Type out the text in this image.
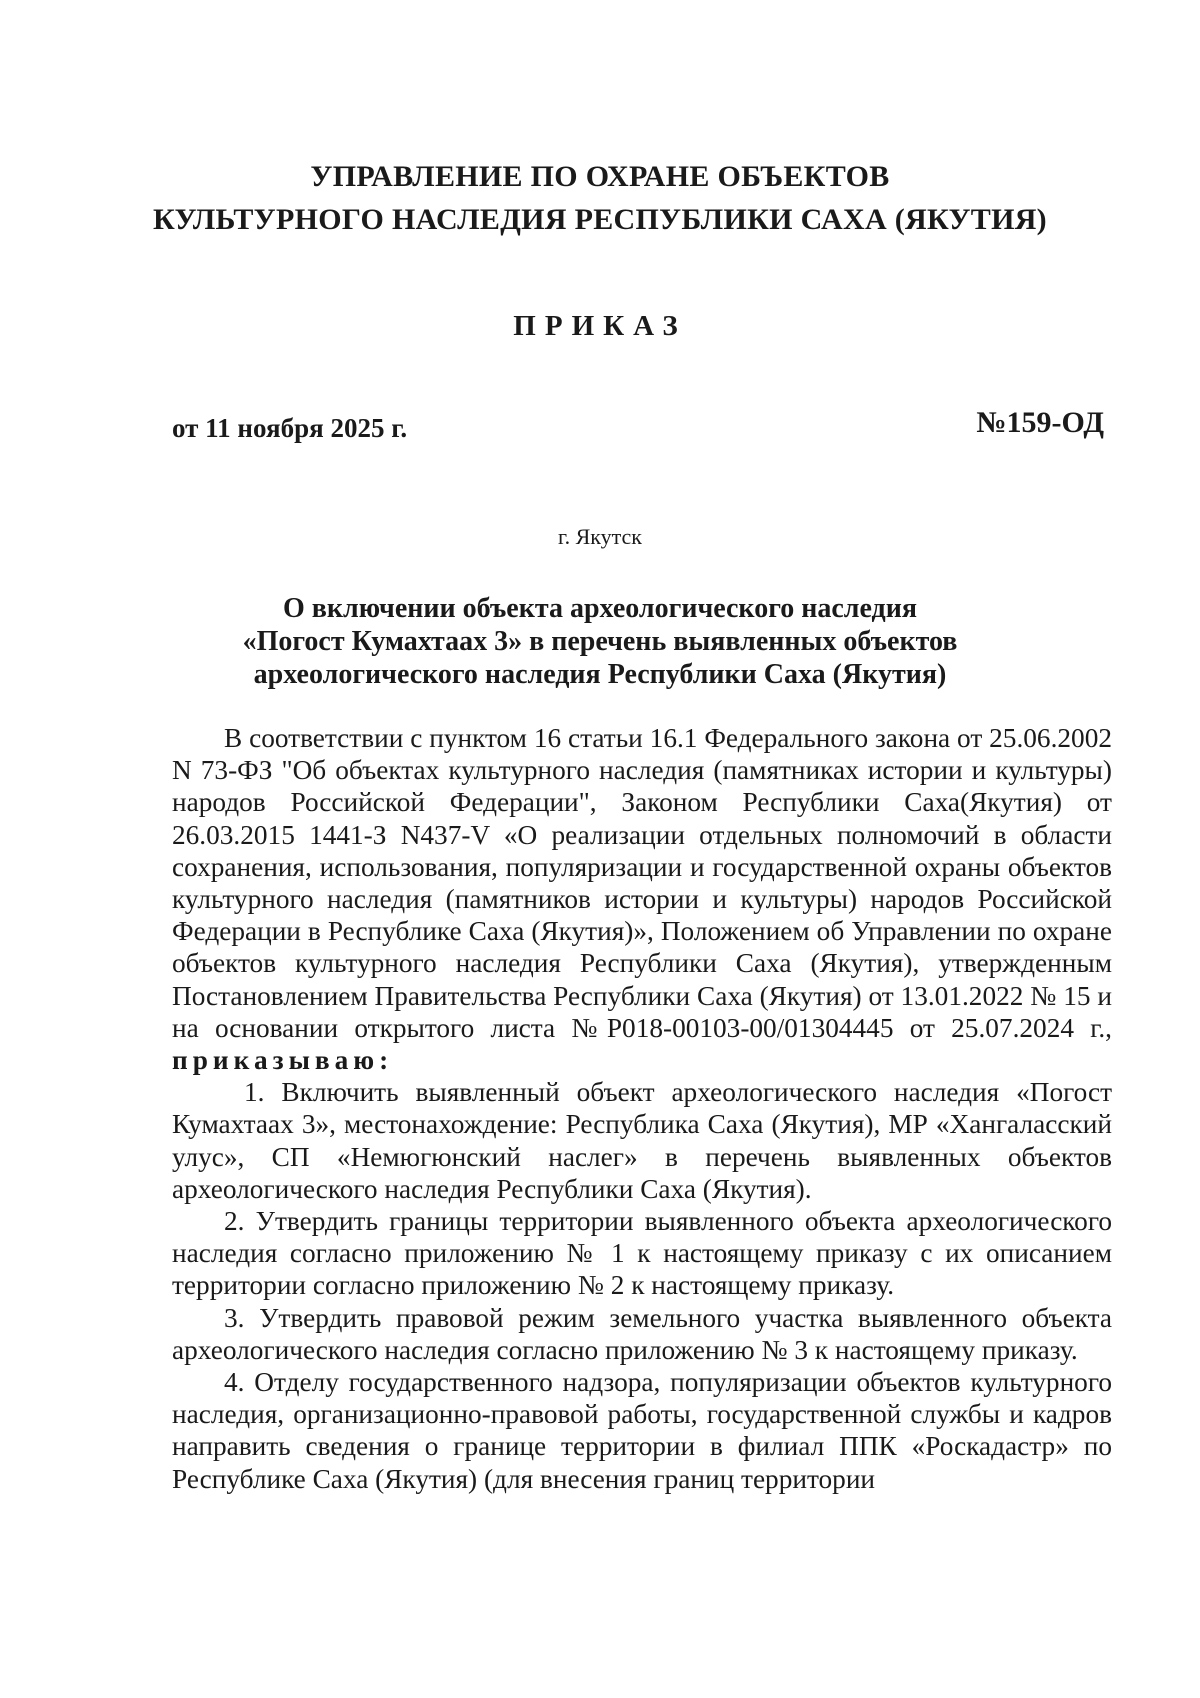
УПРАВЛЕНИЕ ПО ОХРАНЕ ОБЪЕКТОВ
КУЛЬТУРНОГО НАСЛЕДИЯ РЕСПУБЛИКИ САХА (ЯКУТИЯ)
ПРИКАЗ
от 11 ноября 2025 г.	№159-ОД
г. Якутск
О включении объекта археологического наследия
«Погост Кумахтаах 3» в перечень выявленных объектов
археологического наследия Республики Саха (Якутия)

В соответствии с пунктом 16 статьи 16.1 Федерального закона от 25.06.2002 N 73-ФЗ "Об объектах культурного наследия (памятниках истории и культуры) народов Российской Федерации", Законом Республики Саха(Якутия) от 26.03.2015 1441-З N437-V «О реализации отдельных полномочий в области сохранения, использования, популяризации и государственной охраны объектов культурного наследия (памятников истории и культуры) народов Российской Федерации в Республике Саха (Якутия)», Положением об Управлении по охране объектов культурного наследия Республики Саха (Якутия), утвержденным Постановлением Правительства Республики Саха (Якутия) от 13.01.2022 № 15 и на основании открытого листа №Р018-00103-00/01304445 от 25.07.2024 г., приказываю:

1. Включить выявленный объект археологического наследия «Погост Кумахтаах 3», местонахождение: Республика Саха (Якутия), МР «Хангаласский улус», СП «Немюгюнский наслег» в перечень выявленных объектов археологического наследия Республики Саха (Якутия).

2. Утвердить границы территории выявленного объекта археологического наследия согласно приложению № 1 к настоящему приказу с их описанием территории согласно приложению № 2 к настоящему приказу.

3. Утвердить правовой режим земельного участка выявленного объекта археологического наследия согласно приложению № 3 к настоящему приказу.

4. Отделу государственного надзора, популяризации объектов культурного наследия, организационно-правовой работы, государственной службы и кадров направить сведения о границе территории в филиал ППК «Роскадастр» по Республике Саха (Якутия) (для внесения границ территории
